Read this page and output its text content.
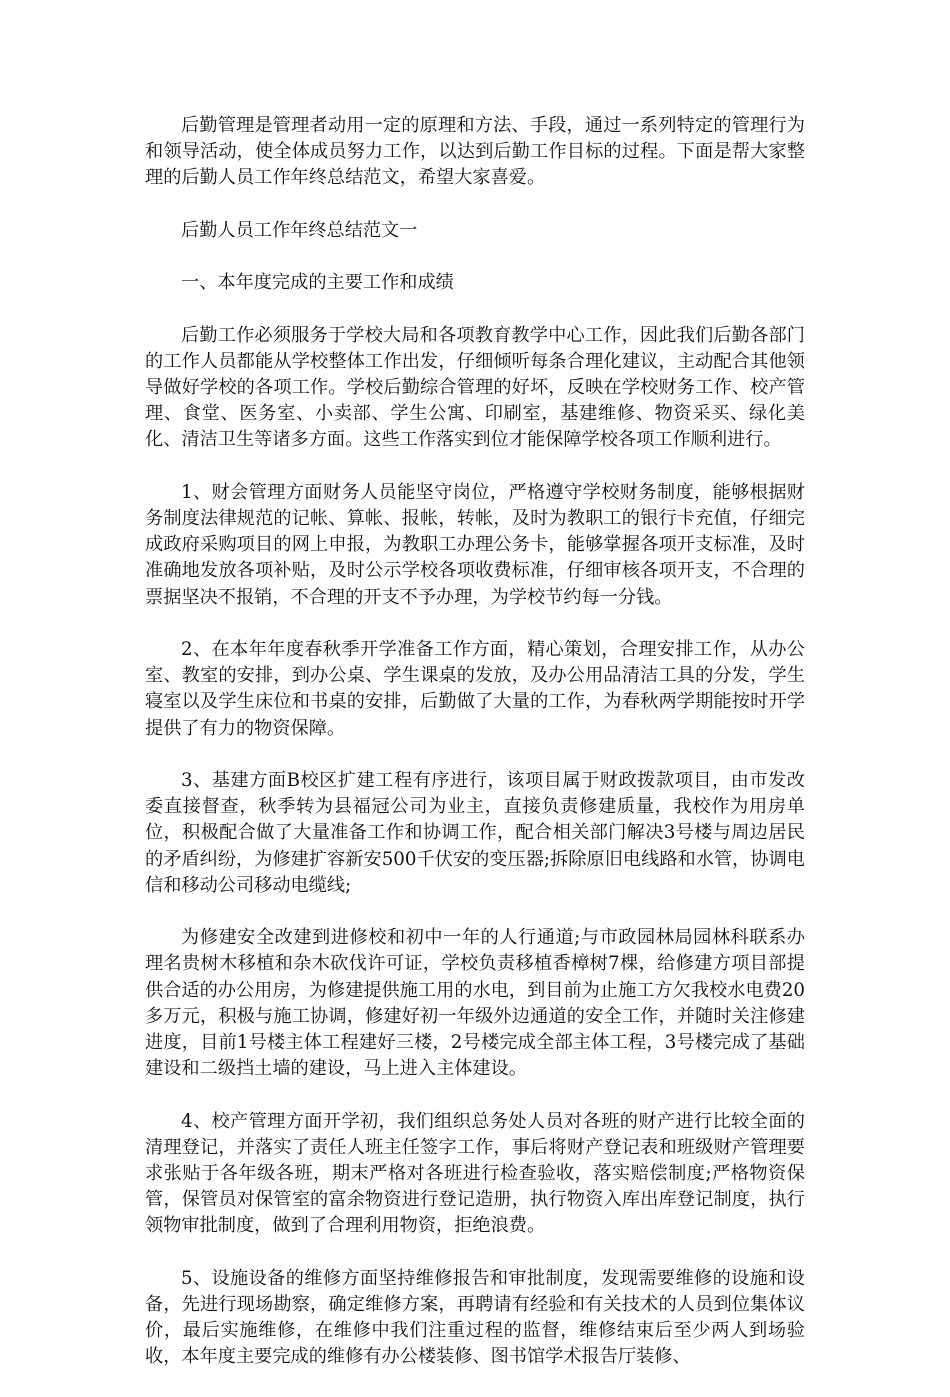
后勤管理是管理者动用一定的原理和方法、手段，通过一系列特定的管理行为和领导活动，使全体成员努力工作，以达到后勤工作目标的过程。下面是帮大家整理的后勤人员工作年终总结范文，希望大家喜爱。

后勤人员工作年终总结范文一

一、本年度完成的主要工作和成绩

后勤工作必须服务于学校大局和各项教育教学中心工作，因此我们后勤各部门的工作人员都能从学校整体工作出发，仔细倾听每条合理化建议，主动配合其他领导做好学校的各项工作。学校后勤综合管理的好坏，反映在学校财务工作、校产管理、食堂、医务室、小卖部、学生公寓、印刷室，基建维修、物资采买、绿化美化、清洁卫生等诸多方面。这些工作落实到位才能保障学校各项工作顺利进行。

1、财会管理方面财务人员能坚守岗位，严格遵守学校财务制度，能够根据财务制度法律规范的记帐、算帐、报帐，转帐，及时为教职工的银行卡充值，仔细完成政府采购项目的网上申报，为教职工办理公务卡，能够掌握各项开支标准，及时准确地发放各项补贴，及时公示学校各项收费标准，仔细审核各项开支，不合理的票据坚决不报销，不合理的开支不予办理，为学校节约每一分钱。

2、在本年年度春秋季开学准备工作方面，精心策划，合理安排工作，从办公室、教室的安排，到办公桌、学生课桌的发放，及办公用品清洁工具的分发，学生寝室以及学生床位和书桌的安排，后勤做了大量的工作，为春秋两学期能按时开学提供了有力的物资保障。

3、基建方面B校区扩建工程有序进行，该项目属于财政拨款项目，由市发改委直接督查，秋季转为县福冠公司为业主，直接负责修建质量，我校作为用房单位，积极配合做了大量准备工作和协调工作，配合相关部门解决3号楼与周边居民的矛盾纠纷，为修建扩容新安500千伏安的变压器;拆除原旧电线路和水管，协调电信和移动公司移动电缆线;

为修建安全改建到进修校和初中一年的人行通道;与市政园林局园林科联系办理名贵树木移植和杂木砍伐许可证，学校负责移植香樟树7棵，给修建方项目部提供合适的办公用房，为修建提供施工用的水电，到目前为止施工方欠我校水电费20多万元，积极与施工协调，修建好初一年级外边通道的安全工作，并随时关注修建进度，目前1号楼主体工程建好三楼，2号楼完成全部主体工程，3号楼完成了基础建设和二级挡土墙的建设，马上进入主体建设。

4、校产管理方面开学初，我们组织总务处人员对各班的财产进行比较全面的清理登记，并落实了责任人班主任签字工作，事后将财产登记表和班级财产管理要求张贴于各年级各班，期末严格对各班进行检查验收，落实赔偿制度;严格物资保管，保管员对保管室的富余物资进行登记造册，执行物资入库出库登记制度，执行领物审批制度，做到了合理利用物资，拒绝浪费。

5、设施设备的维修方面坚持维修报告和审批制度，发现需要维修的设施和设备，先进行现场勘察，确定维修方案，再聘请有经验和有关技术的人员到位集体议价，最后实施维修，在维修中我们注重过程的监督，维修结束后至少两人到场验收，本年度主要完成的维修有办公楼装修、图书馆学术报告厅装修、
